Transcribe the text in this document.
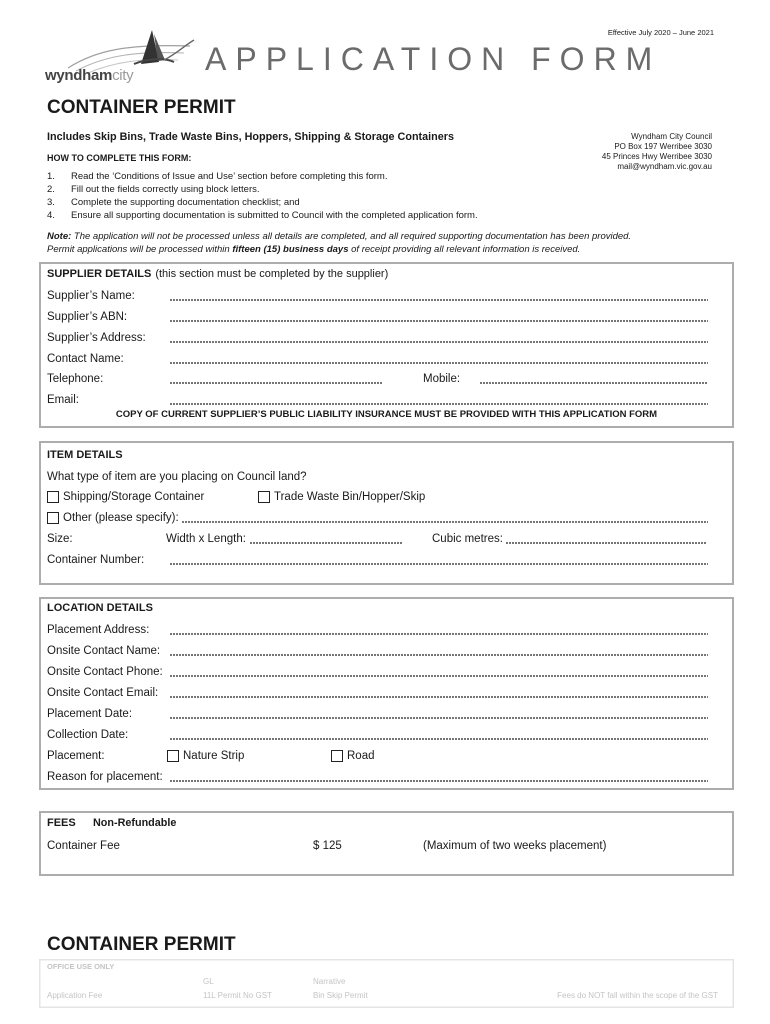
Effective July 2020 – June 2021
wyndhamcity APPLICATION FORM
CONTAINER PERMIT
Includes Skip Bins, Trade Waste Bins, Hoppers, Shipping & Storage Containers	Wyndham City Council
PO Box 197 Werribee 3030
45 Princes Hwy Werribee 3030
mail@wyndham.vic.gov.au
HOW TO COMPLETE THIS FORM:
1. Read the ‘Conditions of Issue and Use’ section before completing this form.
2. Fill out the fields correctly using block letters.
3. Complete the supporting documentation checklist; and
4. Ensure all supporting documentation is submitted to Council with the completed application form.
Note: The application will not be processed unless all details are completed, and all required supporting documentation has been provided.
Permit applications will be processed within fifteen (15) business days of receipt providing all relevant information is received.
SUPPLIER DETAILS (this section must be completed by the supplier)
Supplier’s Name:
Supplier’s ABN:
Supplier’s Address:
Contact Name:
Telephone:	Mobile:
Email:
COPY OF CURRENT SUPPLIER’S PUBLIC LIABILITY INSURANCE MUST BE PROVIDED WITH THIS APPLICATION FORM
ITEM DETAILS
What type of item are you placing on Council land?
Shipping/Storage Container	Trade Waste Bin/Hopper/Skip
Other (please specify):
Size:	Width x Length:	Cubic metres:
Container Number:
LOCATION DETAILS
Placement Address:
Onsite Contact Name:
Onsite Contact Phone:
Onsite Contact Email:
Placement Date:
Collection Date:
Placement:	Nature Strip	Road
Reason for placement:
FEES Non-Refundable
Container Fee	$ 125	(Maximum of two weeks placement)
CONTAINER PERMIT
OFFICE USE ONLY
GL	Narrative
Application Fee	11L Permit No GST	Bin Skip Permit	Fees do NOT fall within the scope of the GST
